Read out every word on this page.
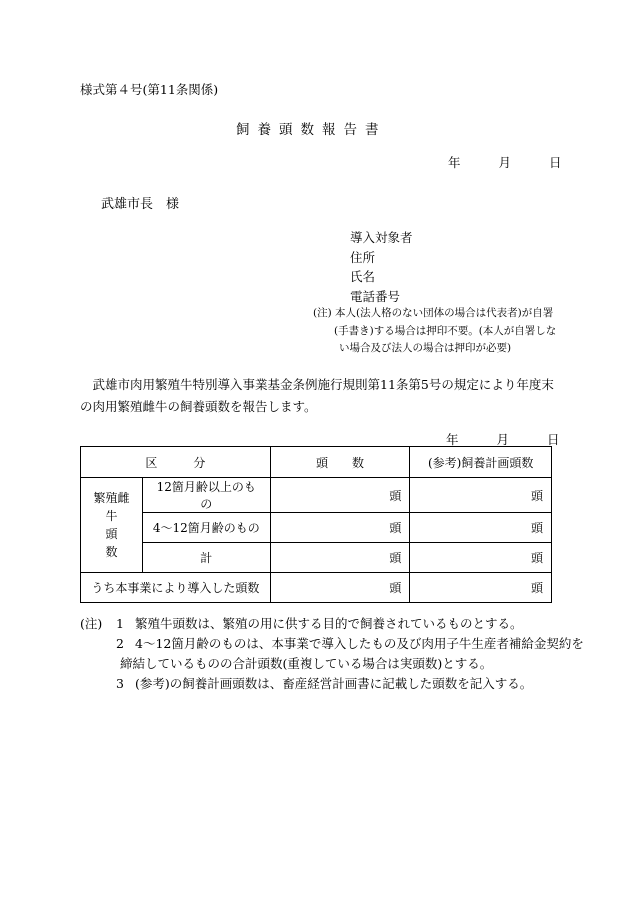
様式第４号(第11条関係)
飼養頭数報告書
年	月	日
武雄市長　様
導入対象者
住所
氏名
電話番号
(注) 本人(法人格のない団体の場合は代表者)が自署
(手書き)する場合は押印不要。(本人が自署しな
い場合及び法人の場合は押印が必要)
武雄市肉用繁殖牛特別導入事業基金条例施行規則第11条第5号の規定により年度末の肉用繁殖雌牛の飼養頭数を報告します。
年	月	日
区　　　分		頭　　数	(参考)飼養計画頭数

繁殖雌牛
頭　　数	12箇月齢以上のもの	頭	頭
	4～12箇月齢のもの	頭	頭
	計	頭	頭
うち本事業により導入した頭数		頭	頭
(注) 1 繁殖牛頭数は、繁殖の用に供する目的で飼養されているものとする。
2 4～12箇月齢のものは、本事業で導入したもの及び肉用子牛生産者補給金契約を
締結しているものの合計頭数(重複している場合は実頭数)とする。
3 (参考)の飼養計画頭数は、畜産経営計画書に記載した頭数を記入する。
